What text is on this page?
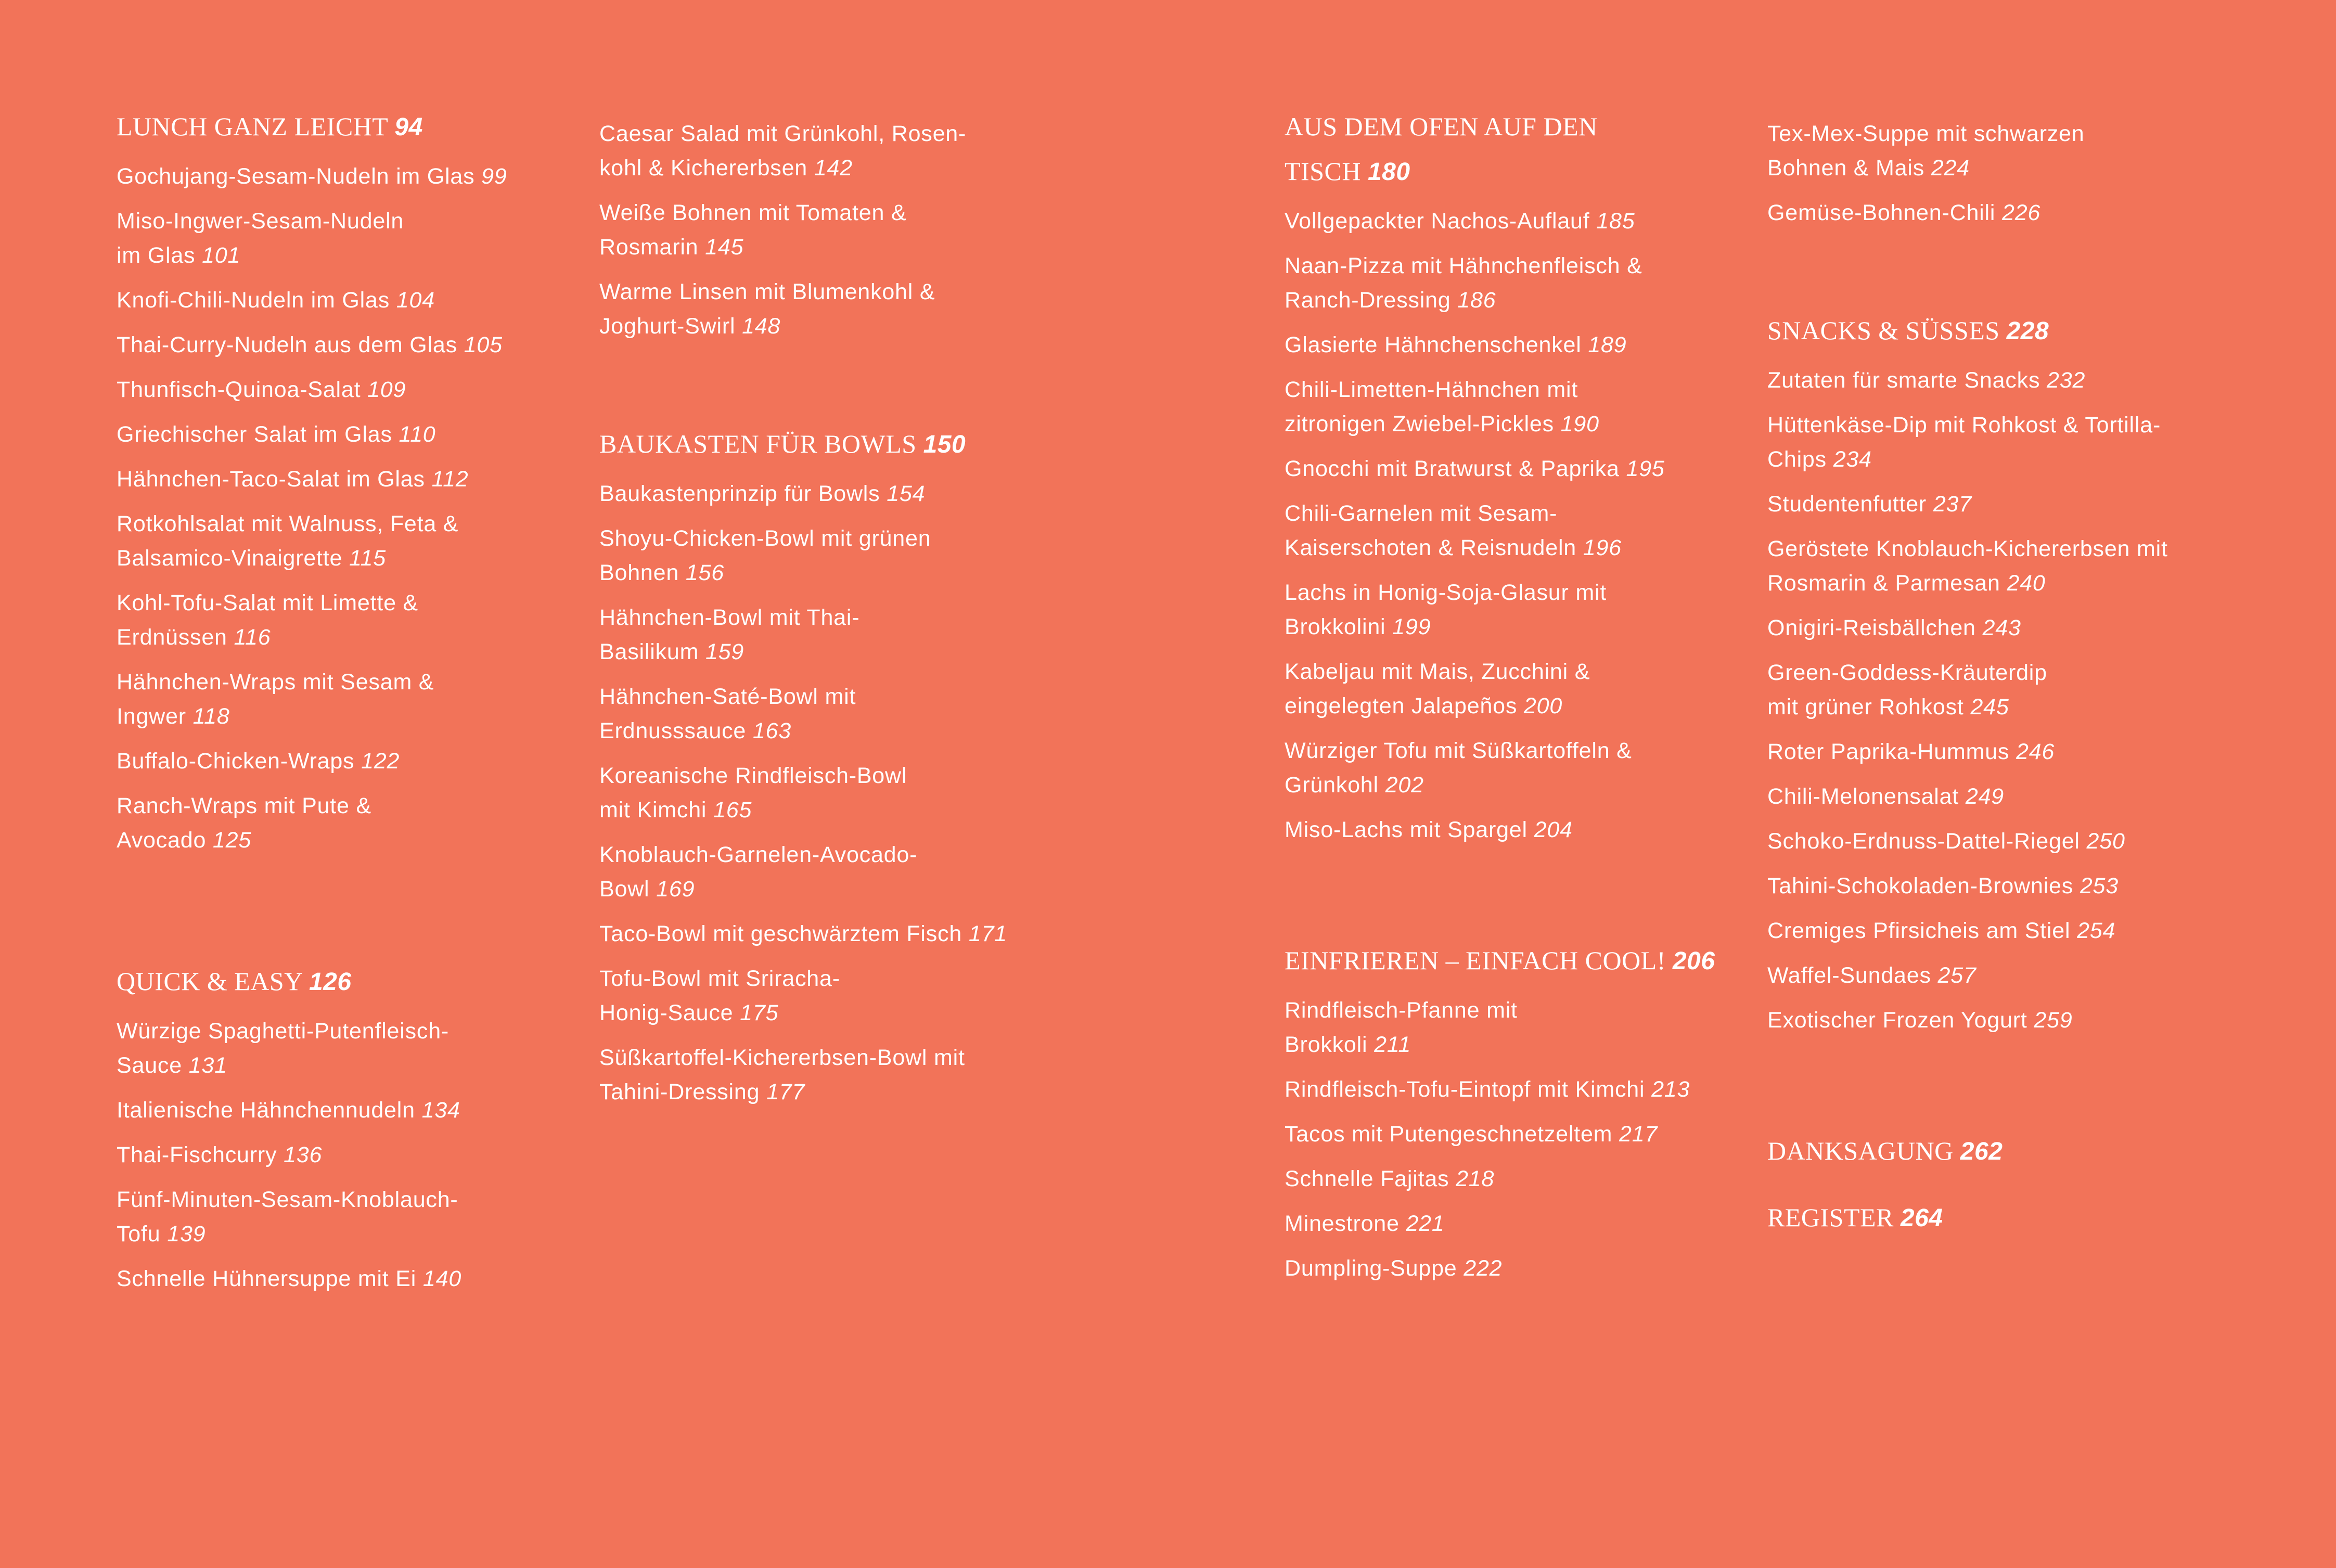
LUNCH GANZ LEICHT 94
Gochujang-Sesam-Nudeln im Glas 99
Miso-Ingwer-Sesam-Nudeln
im Glas 101
Knofi-Chili-Nudeln im Glas 104
Thai-Curry-Nudeln aus dem Glas 105
Thunfisch-Quinoa-Salat 109
Griechischer Salat im Glas 110
Hähnchen-Taco-Salat im Glas 112
Rotkohlsalat mit Walnuss, Feta &
Balsamico-Vinaigrette 115
Kohl-Tofu-Salat mit Limette &
Erdnüssen 116
Hähnchen-Wraps mit Sesam &
Ingwer 118
Buffalo-Chicken-Wraps 122
Ranch-Wraps mit Pute &
Avocado 125
QUICK & EASY 126
Würzige Spaghetti-Putenfleisch-
Sauce 131
Italienische Hähnchennudeln 134
Thai-Fischcurry 136
Fünf-Minuten-Sesam-Knoblauch-
Tofu 139
Schnelle Hühnersuppe mit Ei 140
Caesar Salad mit Grünkohl, Rosen-
kohl & Kichererbsen 142
Weiße Bohnen mit Tomaten &
Rosmarin 145
Warme Linsen mit Blumenkohl &
Joghurt-Swirl 148
BAUKASTEN FÜR BOWLS 150
Baukastenprinzip für Bowls 154
Shoyu-Chicken-Bowl mit grünen
Bohnen 156
Hähnchen-Bowl mit Thai-
Basilikum 159
Hähnchen-Saté-Bowl mit
Erdnusssauce 163
Koreanische Rindfleisch-Bowl
mit Kimchi 165
Knoblauch-Garnelen-Avocado-
Bowl 169
Taco-Bowl mit geschwärztem Fisch 171
Tofu-Bowl mit Sriracha-
Honig-Sauce 175
Süßkartoffel-Kichererbsen-Bowl mit
Tahini-Dressing 177
AUS DEM OFEN AUF DEN
TISCH 180
Vollgepackter Nachos-Auflauf 185
Naan-Pizza mit Hähnchenfleisch &
Ranch-Dressing 186
Glasierte Hähnchenschenkel 189
Chili-Limetten-Hähnchen mit
zitronigen Zwiebel-Pickles 190
Gnocchi mit Bratwurst & Paprika 195
Chili-Garnelen mit Sesam-
Kaiserschoten & Reisnudeln 196
Lachs in Honig-Soja-Glasur mit
Brokkolini 199
Kabeljau mit Mais, Zucchini &
eingelegten Jalapeños 200
Würziger Tofu mit Süßkartoffeln &
Grünkohl 202
Miso-Lachs mit Spargel 204
EINFRIEREN – EINFACH COOL! 206
Rindfleisch-Pfanne mit
Brokkoli 211
Rindfleisch-Tofu-Eintopf mit Kimchi 213
Tacos mit Putengeschnetzeltem 217
Schnelle Fajitas 218
Minestrone 221
Dumpling-Suppe 222
Tex-Mex-Suppe mit schwarzen
Bohnen & Mais 224
Gemüse-Bohnen-Chili 226
SNACKS & SÜSSES 228
Zutaten für smarte Snacks 232
Hüttenkäse-Dip mit Rohkost & Tortilla-
Chips 234
Studentenfutter 237
Geröstete Knoblauch-Kichererbsen mit
Rosmarin & Parmesan 240
Onigiri-Reisbällchen 243
Green-Goddess-Kräuterdip
mit grüner Rohkost 245
Roter Paprika-Hummus 246
Chili-Melonensalat 249
Schoko-Erdnuss-Dattel-Riegel 250
Tahini-Schokoladen-Brownies 253
Cremiges Pfirsicheis am Stiel 254
Waffel-Sundaes 257
Exotischer Frozen Yogurt 259
DANKSAGUNG 262
REGISTER 264
